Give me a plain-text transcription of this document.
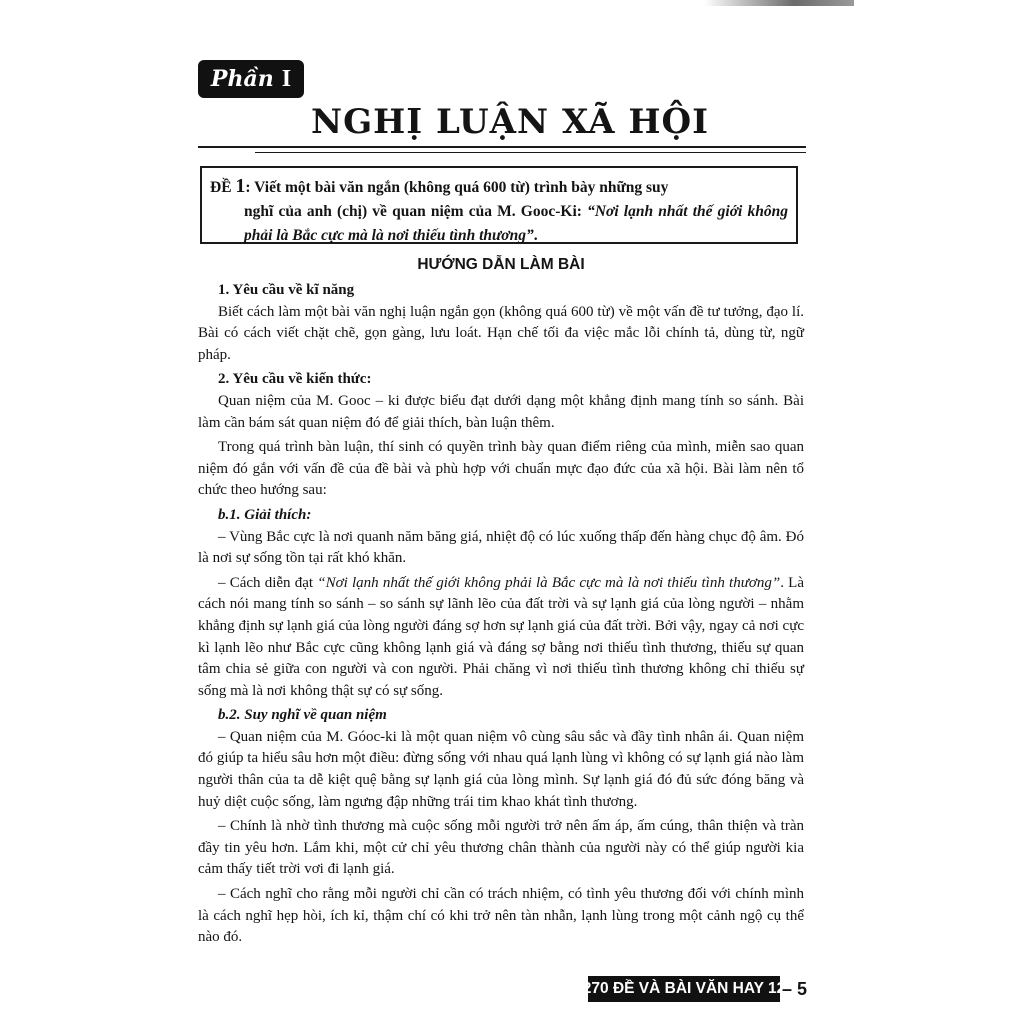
Phần I
NGHỊ LUẬN XÃ HỘI
ĐỀ 1: Viết một bài văn ngắn (không quá 600 từ) trình bày những suy
nghĩ của anh (chị) về quan niệm của M. Gooc-Ki: “Nơi lạnh nhất thế giới không phải là Bắc cực mà là nơi thiếu tình thương”.
HƯỚNG DẪN LÀM BÀI

1. Yêu cầu về kĩ năng

Biết cách làm một bài văn nghị luận ngắn gọn (không quá 600 từ) về một vấn đề tư tưởng, đạo lí. Bài có cách viết chặt chẽ, gọn gàng, lưu loát. Hạn chế tối đa việc mắc lỗi chính tả, dùng từ, ngữ pháp.

2. Yêu cầu về kiến thức:

Quan niệm của M. Gooc – ki được biểu đạt dưới dạng một khẳng định mang tính so sánh. Bài làm cần bám sát quan niệm đó để giải thích, bàn luận thêm.

Trong quá trình bàn luận, thí sinh có quyền trình bày quan điểm riêng của mình, miễn sao quan niệm đó gắn với vấn đề của đề bài và phù hợp với chuẩn mực đạo đức của xã hội. Bài làm nên tổ chức theo hướng sau:

b.1. Giải thích:

– Vùng Bắc cực là nơi quanh năm băng giá, nhiệt độ có lúc xuống thấp đến hàng chục độ âm. Đó là nơi sự sống tồn tại rất khó khăn.

– Cách diễn đạt “Nơi lạnh nhất thế giới không phải là Bắc cực mà là nơi thiếu tình thương”. Là cách nói mang tính so sánh – so sánh sự lãnh lẽo của đất trời và sự lạnh giá của lòng người – nhằm khẳng định sự lạnh giá của lòng người đáng sợ hơn sự lạnh giá của đất trời. Bởi vậy, ngay cả nơi cực kì lạnh lẽo như Bắc cực cũng không lạnh giá và đáng sợ bằng nơi thiếu tình thương, thiếu sự quan tâm chia sẻ giữa con người và con người. Phải chăng vì nơi thiếu tình thương không chỉ thiếu sự sống mà là nơi không thật sự có sự sống.

b.2. Suy nghĩ về quan niệm

– Quan niệm của M. Góoc-ki là một quan niệm vô cùng sâu sắc và đầy tình nhân ái. Quan niệm đó giúp ta hiểu sâu hơn một điều: đừng sống với nhau quá lạnh lùng vì không có sự lạnh giá nào làm người thân của ta dễ kiệt quệ bằng sự lạnh giá của lòng mình. Sự lạnh giá đó đủ sức đóng băng và huỷ diệt cuộc sống, làm ngưng đập những trái tim khao khát tình thương.

– Chính là nhờ tình thương mà cuộc sống mỗi người trở nên ấm áp, ấm cúng, thân thiện và tràn đầy tin yêu hơn. Lắm khi, một cử chỉ yêu thương chân thành của người này có thể giúp người kia cảm thấy tiết trời vơi đi lạnh giá.

– Cách nghĩ cho rằng mỗi người chỉ cần có trách nhiệm, có tình yêu thương đối với chính mình là cách nghĩ hẹp hòi, ích kỉ, thậm chí có khi trở nên tàn nhẫn, lạnh lùng trong một cảnh ngộ cụ thể nào đó.

270 ĐỀ VÀ BÀI VĂN HAY 12
– 5
